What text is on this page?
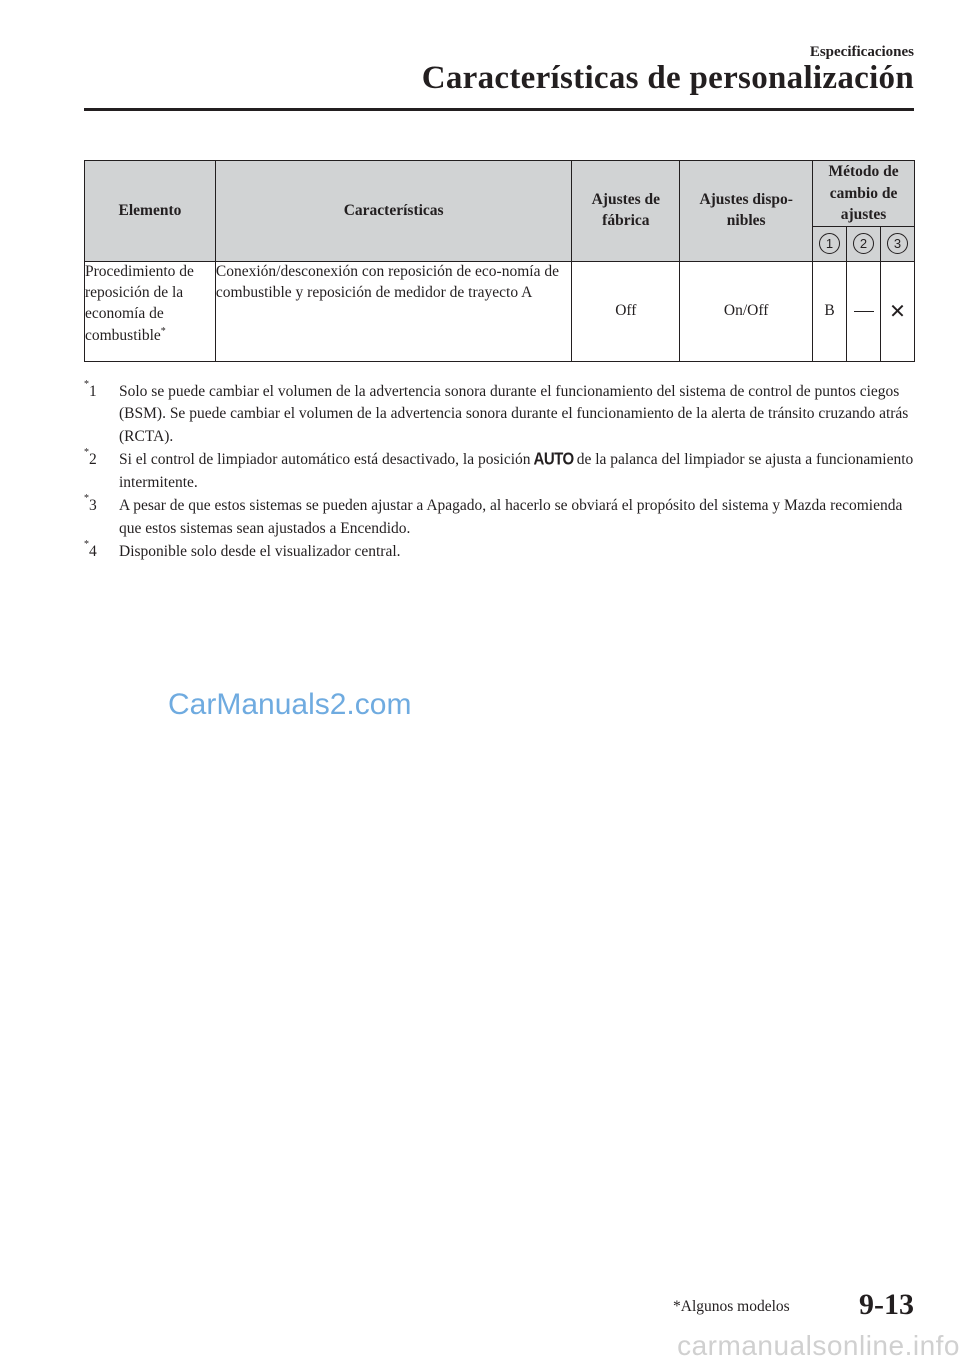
Especificaciones
Características de personalización
Elemento	Características	Ajustes de fábrica	Ajustes dispo-nibles	Método de cambio de ajustes		
				1	2	3
Procedimiento de reposición de la economía de combustible*	Conexión/desconexión con reposición de eco-nomía de combustible y reposición de medidor de trayecto A	Off	On/Off	B		✕
*1 Solo se puede cambiar el volumen de la advertencia sonora durante el funcionamiento del sistema de control de puntos ciegos (BSM). Se puede cambiar el volumen de la advertencia sonora durante el funcionamiento de la alerta de tránsito cruzando atrás (RCTA).
*2 Si el control de limpiador automático está desactivado, la posición AUTO de la palanca del limpiador se ajusta a funcionamiento intermitente.
*3 A pesar de que estos sistemas se pueden ajustar a Apagado, al hacerlo se obviará el propósito del sistema y Mazda recomienda que estos sistemas sean ajustados a Encendido.
*4 Disponible solo desde el visualizador central.
CarManuals2.com
*Algunos modelos 9-13
carmanualsonline.info
